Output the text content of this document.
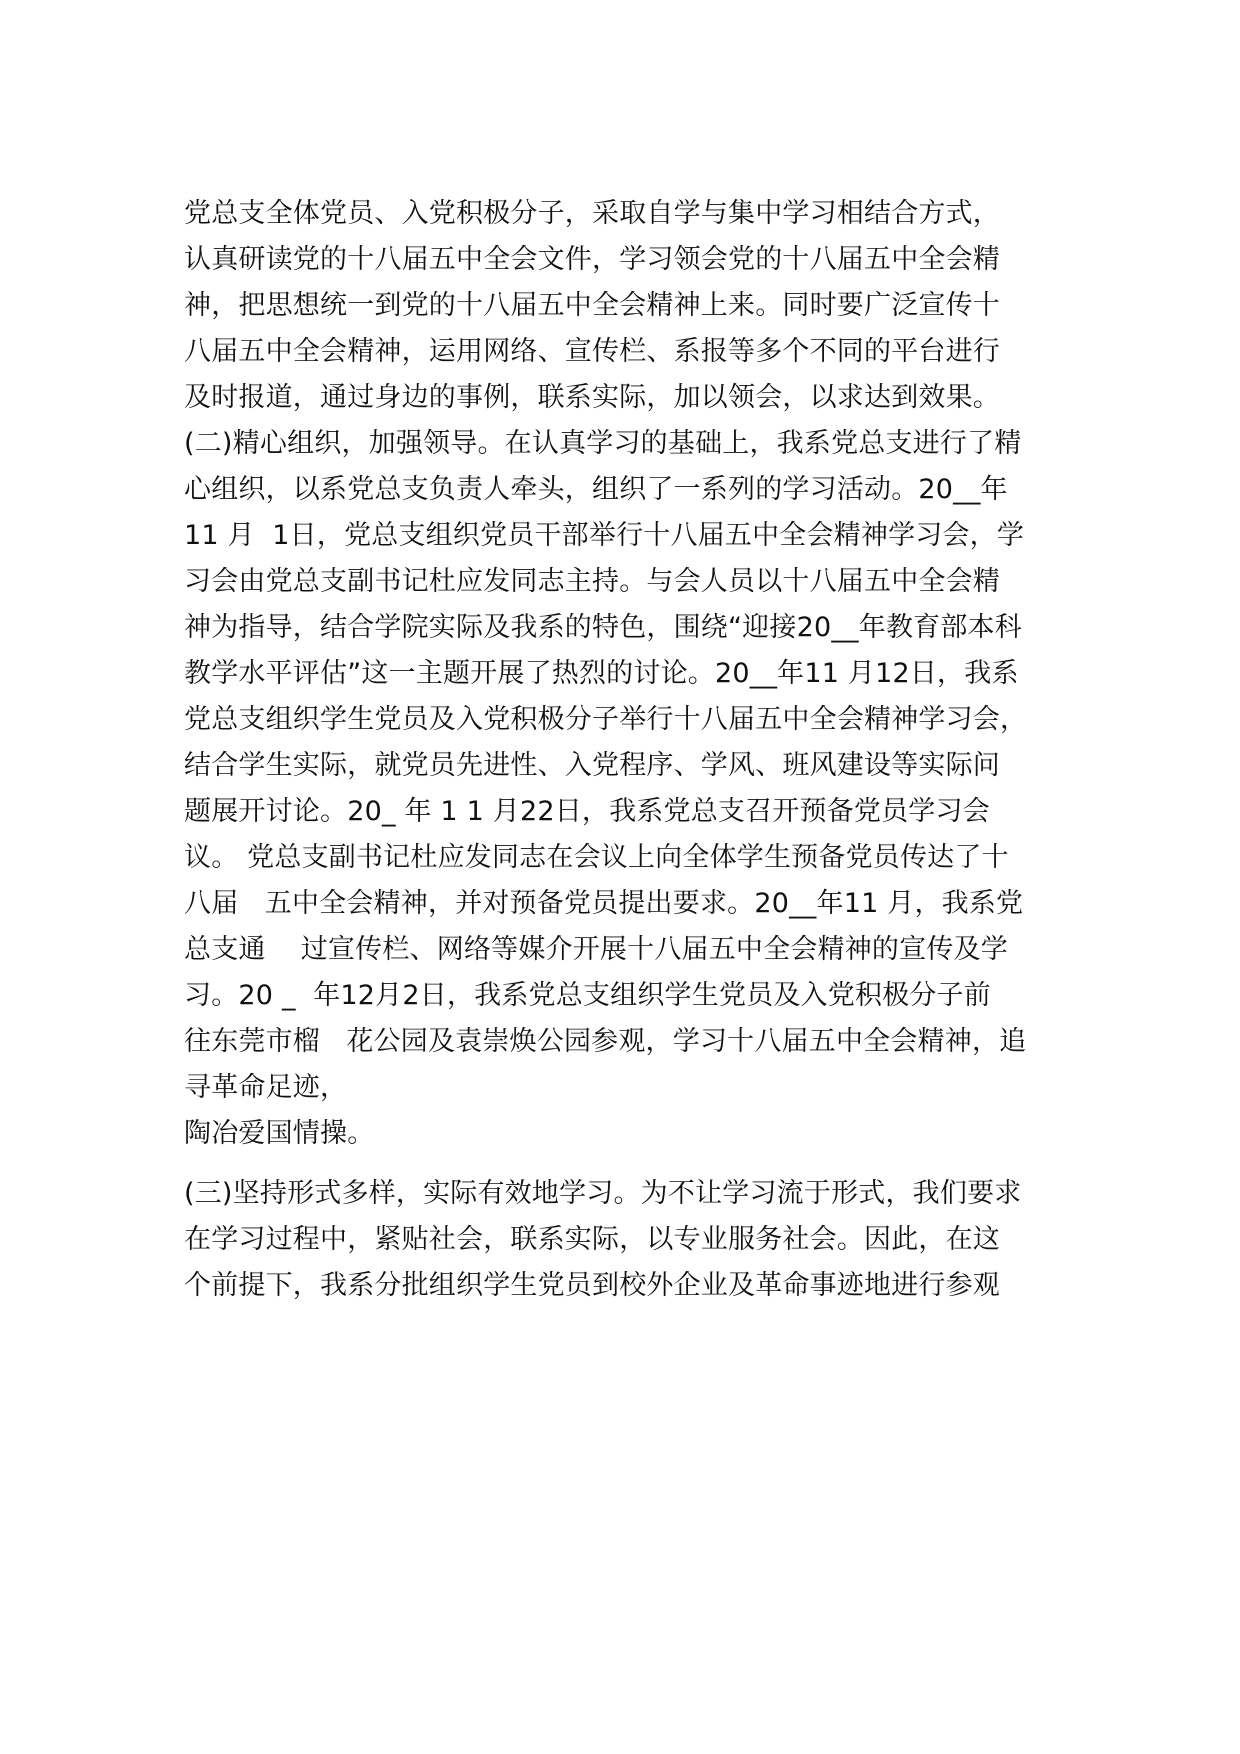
党总支全体党员、入党积极分子，采取自学与集中学习相结合方式，

认真研读党的十八届五中全会文件，学习领会党的十八届五中全会精

神，把思想统一到党的十八届五中全会精神上来。同时要广泛宣传十

八届五中全会精神，运用网络、宣传栏、系报等多个不同的平台进行

及时报道，通过身边的事例，联系实际，加以领会，以求达到效果。

(二)精心组织，加强领导。在认真学习的基础上，我系党总支进行了精

心组织，以系党总支负责人牵头，组织了一系列的学习活动。20__年

11 月  1日，党总支组织党员干部举行十八届五中全会精神学习会，学

习会由党总支副书记杜应发同志主持。与会人员以十八届五中全会精

神为指导，结合学院实际及我系的特色，围绕“迎接20__年教育部本科

教学水平评估”这一主题开展了热烈的讨论。20__年11 月12日，我系

党总支组织学生党员及入党积极分子举行十八届五中全会精神学习会，

结合学生实际，就党员先进性、入党程序、学风、班风建设等实际问

题展开讨论。20_ 年 1 1 月22日，我系党总支召开预备党员学习会

议。 党总支副书记杜应发同志在会议上向全体学生预备党员传达了十

八届   五中全会精神，并对预备党员提出要求。20__年11 月，我系党

总支通    过宣传栏、网络等媒介开展十八届五中全会精神的宣传及学

习。20 _  年12月2日，我系党总支组织学生党员及入党积极分子前

往东莞市榴   花公园及袁崇焕公园参观，学习十八届五中全会精神，追

寻革命足迹，

陶冶爱国情操。

(三)坚持形式多样，实际有效地学习。为不让学习流于形式，我们要求

在学习过程中，紧贴社会，联系实际，以专业服务社会。因此，在这

个前提下，我系分批组织学生党员到校外企业及革命事迹地进行参观
